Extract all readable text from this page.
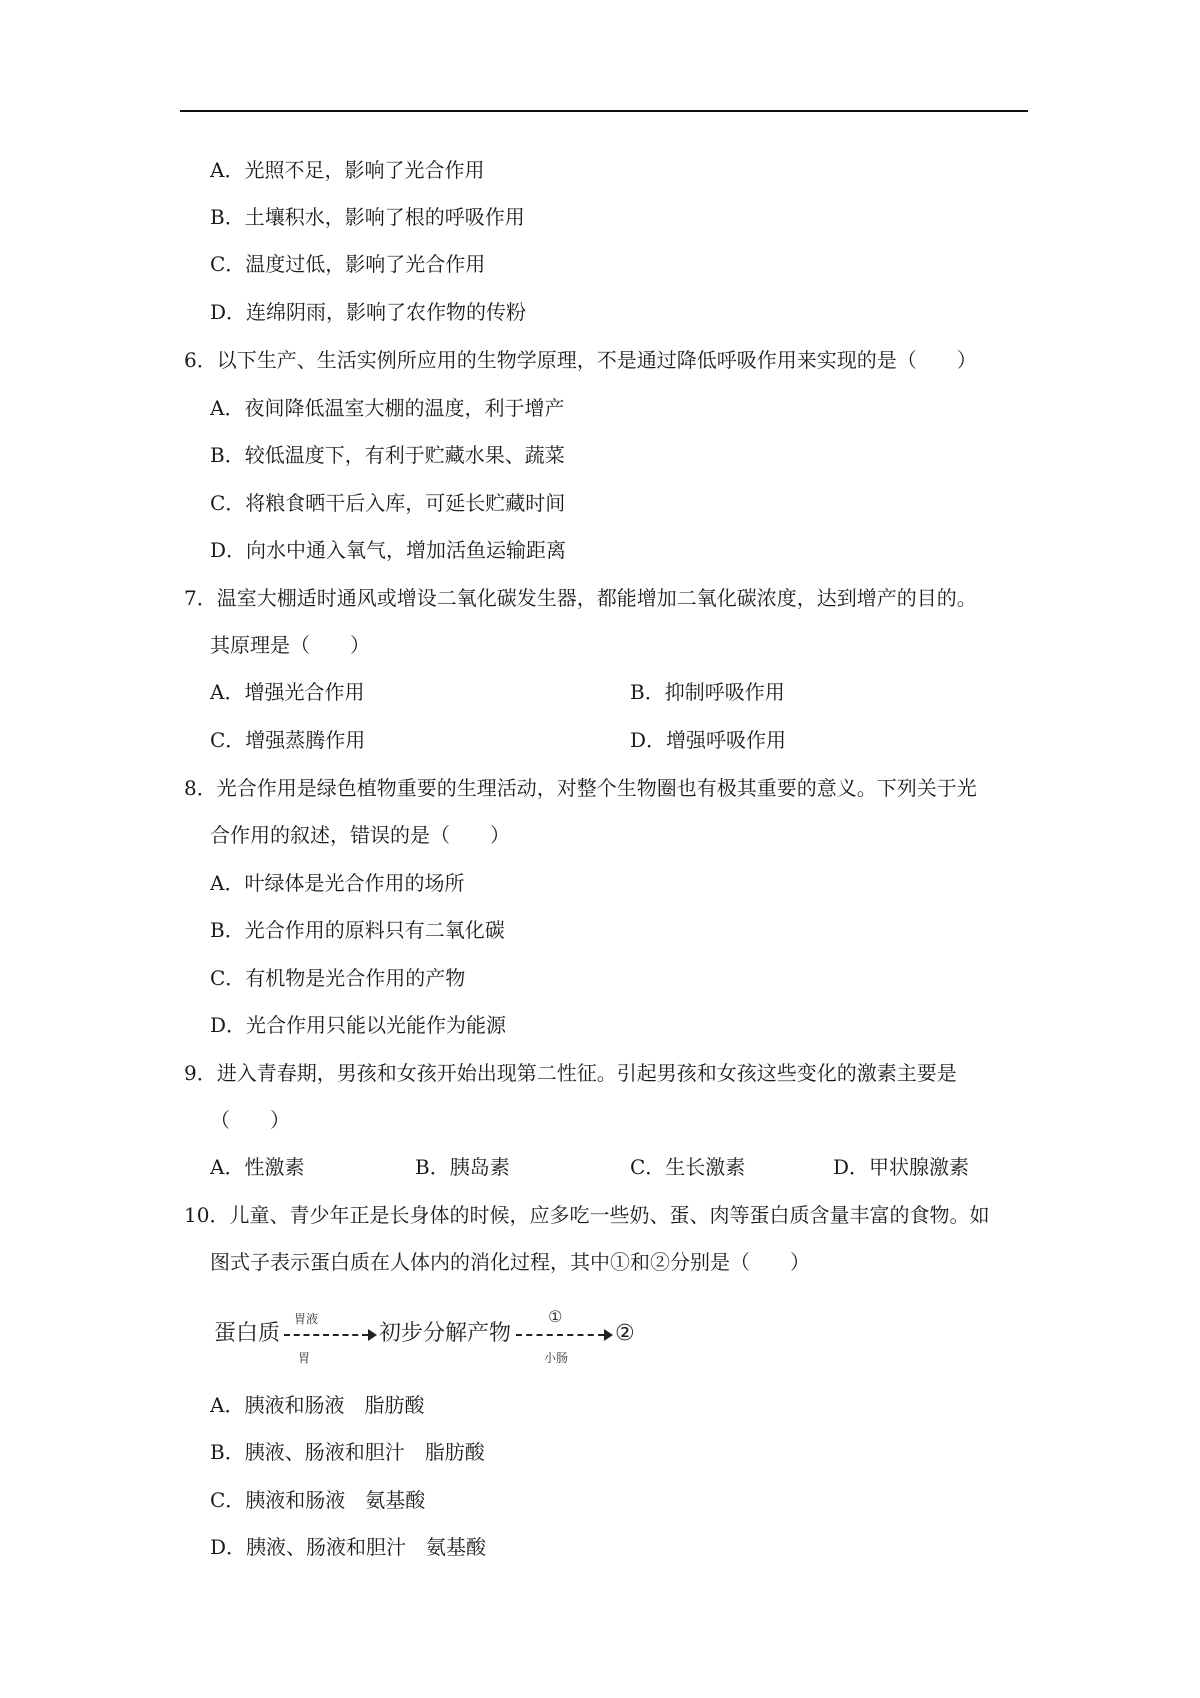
A．光照不足，影响了光合作用
B．土壤积水，影响了根的呼吸作用
C．温度过低，影响了光合作用
D．连绵阴雨，影响了农作物的传粉
6．以下生产、生活实例所应用的生物学原理，不是通过降低呼吸作用来实现的是（　　）
A．夜间降低温室大棚的温度，利于增产
B．较低温度下，有利于贮藏水果、蔬菜
C．将粮食晒干后入库，可延长贮藏时间
D．向水中通入氧气，增加活鱼运输距离
7．温室大棚适时通风或增设二氧化碳发生器，都能增加二氧化碳浓度，达到增产的目的。
其原理是（　　）
A．增强光合作用	B．抑制呼吸作用
C．增强蒸腾作用	D．增强呼吸作用
8．光合作用是绿色植物重要的生理活动，对整个生物圈也有极其重要的意义。下列关于光
合作用的叙述，错误的是（　　）
A．叶绿体是光合作用的场所
B．光合作用的原料只有二氧化碳
C．有机物是光合作用的产物
D．光合作用只能以光能作为能源
9．进入青春期，男孩和女孩开始出现第二性征。引起男孩和女孩这些变化的激素主要是
（　　）
A．性激素	B．胰岛素	C．生长激素	D．甲状腺激素
10．儿童、青少年正是长身体的时候，应多吃一些奶、蛋、肉等蛋白质含量丰富的食物。如
图式子表示蛋白质在人体内的消化过程，其中①和②分别是（　　）
蛋白质
胃液
胃
初步分解产物
①
小肠
②
A．胰液和肠液　脂肪酸
B．胰液、肠液和胆汁　脂肪酸
C．胰液和肠液　氨基酸
D．胰液、肠液和胆汁　氨基酸
